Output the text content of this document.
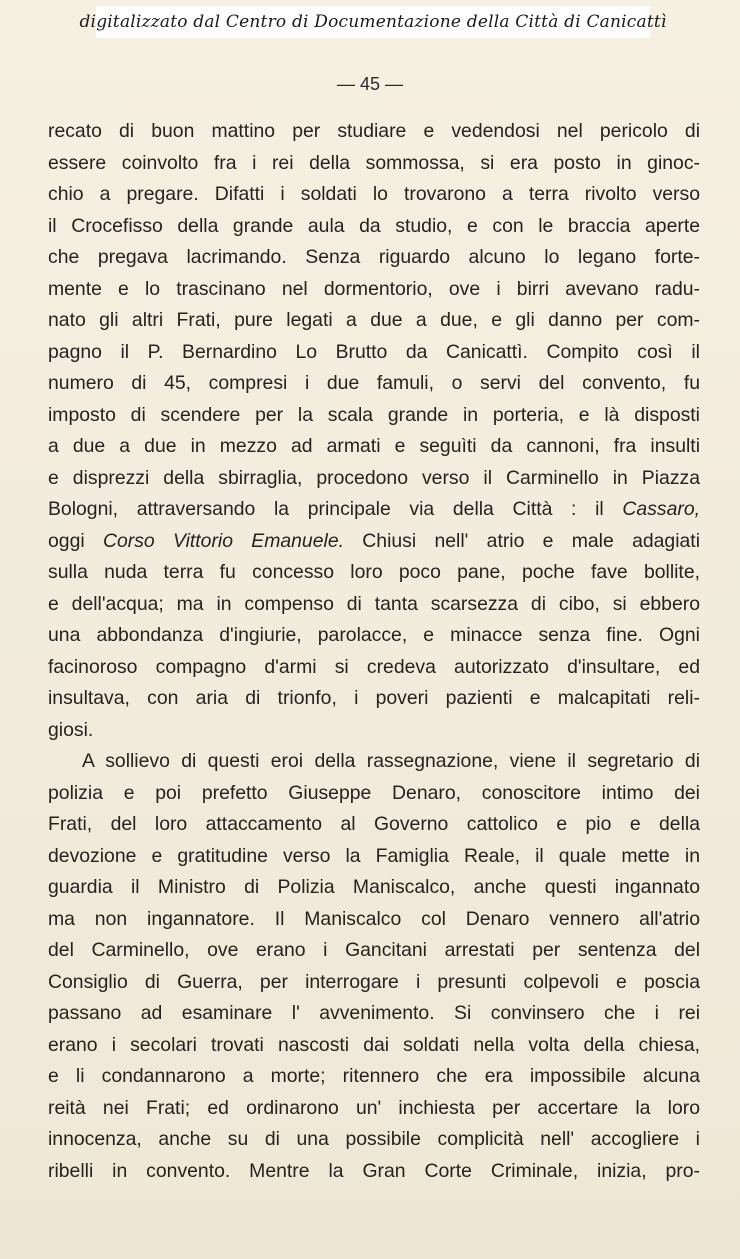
digitalizzato dal Centro di Documentazione della Città di Canicattì
— 45 —
recato di buon mattino per studiare e vedendosi nel pericolo di
essere coinvolto fra i rei della sommossa, si era posto in ginoc-
chio a pregare. Difatti i soldati lo trovarono a terra rivolto verso
il Crocefisso della grande aula da studio, e con le braccia aperte
che pregava lacrimando. Senza riguardo alcuno lo legano forte-
mente e lo trascinano nel dormentorio, ove i birri avevano radu-
nato gli altri Frati, pure legati a due a due, e gli danno per com-
pagno il P. Bernardino Lo Brutto da Canicattì. Compito così il
numero di 45, compresi i due famuli, o servi del convento, fu
imposto di scendere per la scala grande in porteria, e là disposti
a due a due in mezzo ad armati e seguìti da cannoni, fra insulti
e disprezzi della sbirraglia, procedono verso il Carminello in Piazza
Bologni, attraversando la principale via della Città : il Cassaro,
oggi Corso Vittorio Emanuele. Chiusi nell' atrio e male adagiati
sulla nuda terra fu concesso loro poco pane, poche fave bollite,
e dell'acqua; ma in compenso di tanta scarsezza di cibo, si ebbero
una abbondanza d'ingiurie, parolacce, e minacce senza fine. Ogni
facinoroso compagno d'armi si credeva autorizzato d'insultare, ed
insultava, con aria di trionfo, i poveri pazienti e malcapitati reli-
giosi.
A sollievo di questi eroi della rassegnazione, viene il segretario di
polizia e poi prefetto Giuseppe Denaro, conoscitore intimo dei
Frati, del loro attaccamento al Governo cattolico e pio e della
devozione e gratitudine verso la Famiglia Reale, il quale mette in
guardia il Ministro di Polizia Maniscalco, anche questi ingannato
ma non ingannatore. Il Maniscalco col Denaro vennero all'atrio
del Carminello, ove erano i Gancitani arrestati per sentenza del
Consiglio di Guerra, per interrogare i presunti colpevoli e poscia
passano ad esaminare l' avvenimento. Si convinsero che i rei
erano i secolari trovati nascosti dai soldati nella volta della chiesa,
e li condannarono a morte; ritennero che era impossibile alcuna
reità nei Frati; ed ordinarono un' inchiesta per accertare la loro
innocenza, anche su di una possibile complicità nell' accogliere i
ribelli in convento. Mentre la Gran Corte Criminale, inizia, pro-
